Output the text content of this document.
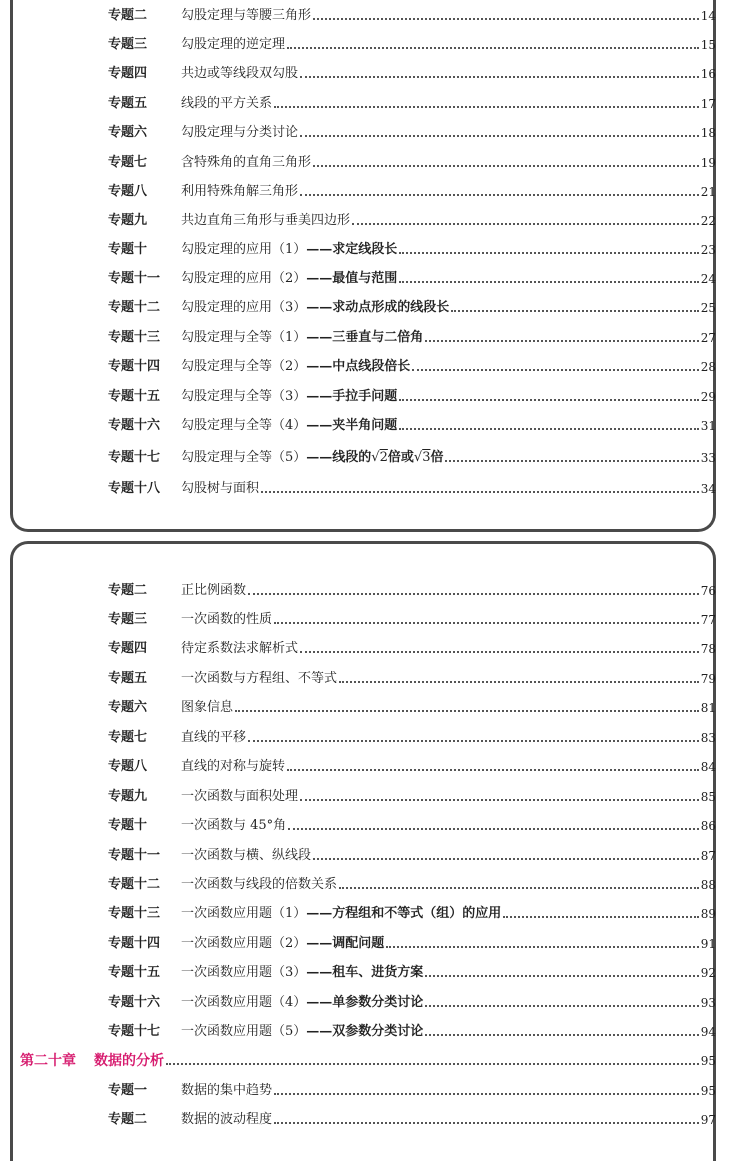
专题二	勾股定理与等腰三角形	14
专题三	勾股定理的逆定理	15
专题四	共边或等线段双勾股	16
专题五	线段的平方关系	17
专题六	勾股定理与分类讨论	18
专题七	含特殊角的直角三角形	19
专题八	利用特殊角解三角形	21
专题九	共边直角三角形与垂美四边形	22
专题十	勾股定理的应用（1）——求定线段长	23
专题十一	勾股定理的应用（2）——最值与范围	24
专题十二	勾股定理的应用（3）——求动点形成的线段长	25
专题十三	勾股定理与全等（1）——三垂直与二倍角	27
专题十四	勾股定理与全等（2）——中点线段倍长	28
专题十五	勾股定理与全等（3）——手拉手问题	29
专题十六	勾股定理与全等（4）——夹半角问题	31
专题十七	勾股定理与全等（5）——线段的√2倍或√3倍	33
专题十八	勾股树与面积	34
专题二	正比例函数	76
专题三	一次函数的性质	77
专题四	待定系数法求解析式	78
专题五	一次函数与方程组、不等式	79
专题六	图象信息	81
专题七	直线的平移	83
专题八	直线的对称与旋转	84
专题九	一次函数与面积处理	85
专题十	一次函数与 45°角	86
专题十一	一次函数与横、纵线段	87
专题十二	一次函数与线段的倍数关系	88
专题十三	一次函数应用题（1）——方程组和不等式（组）的应用	89
专题十四	一次函数应用题（2）——调配问题	91
专题十五	一次函数应用题（3）——租车、进货方案	92
专题十六	一次函数应用题（4）——单参数分类讨论	93
专题十七	一次函数应用题（5）——双参数分类讨论	94
第二十章	数据的分析	95
专题一	数据的集中趋势	95
专题二	数据的波动程度	97
